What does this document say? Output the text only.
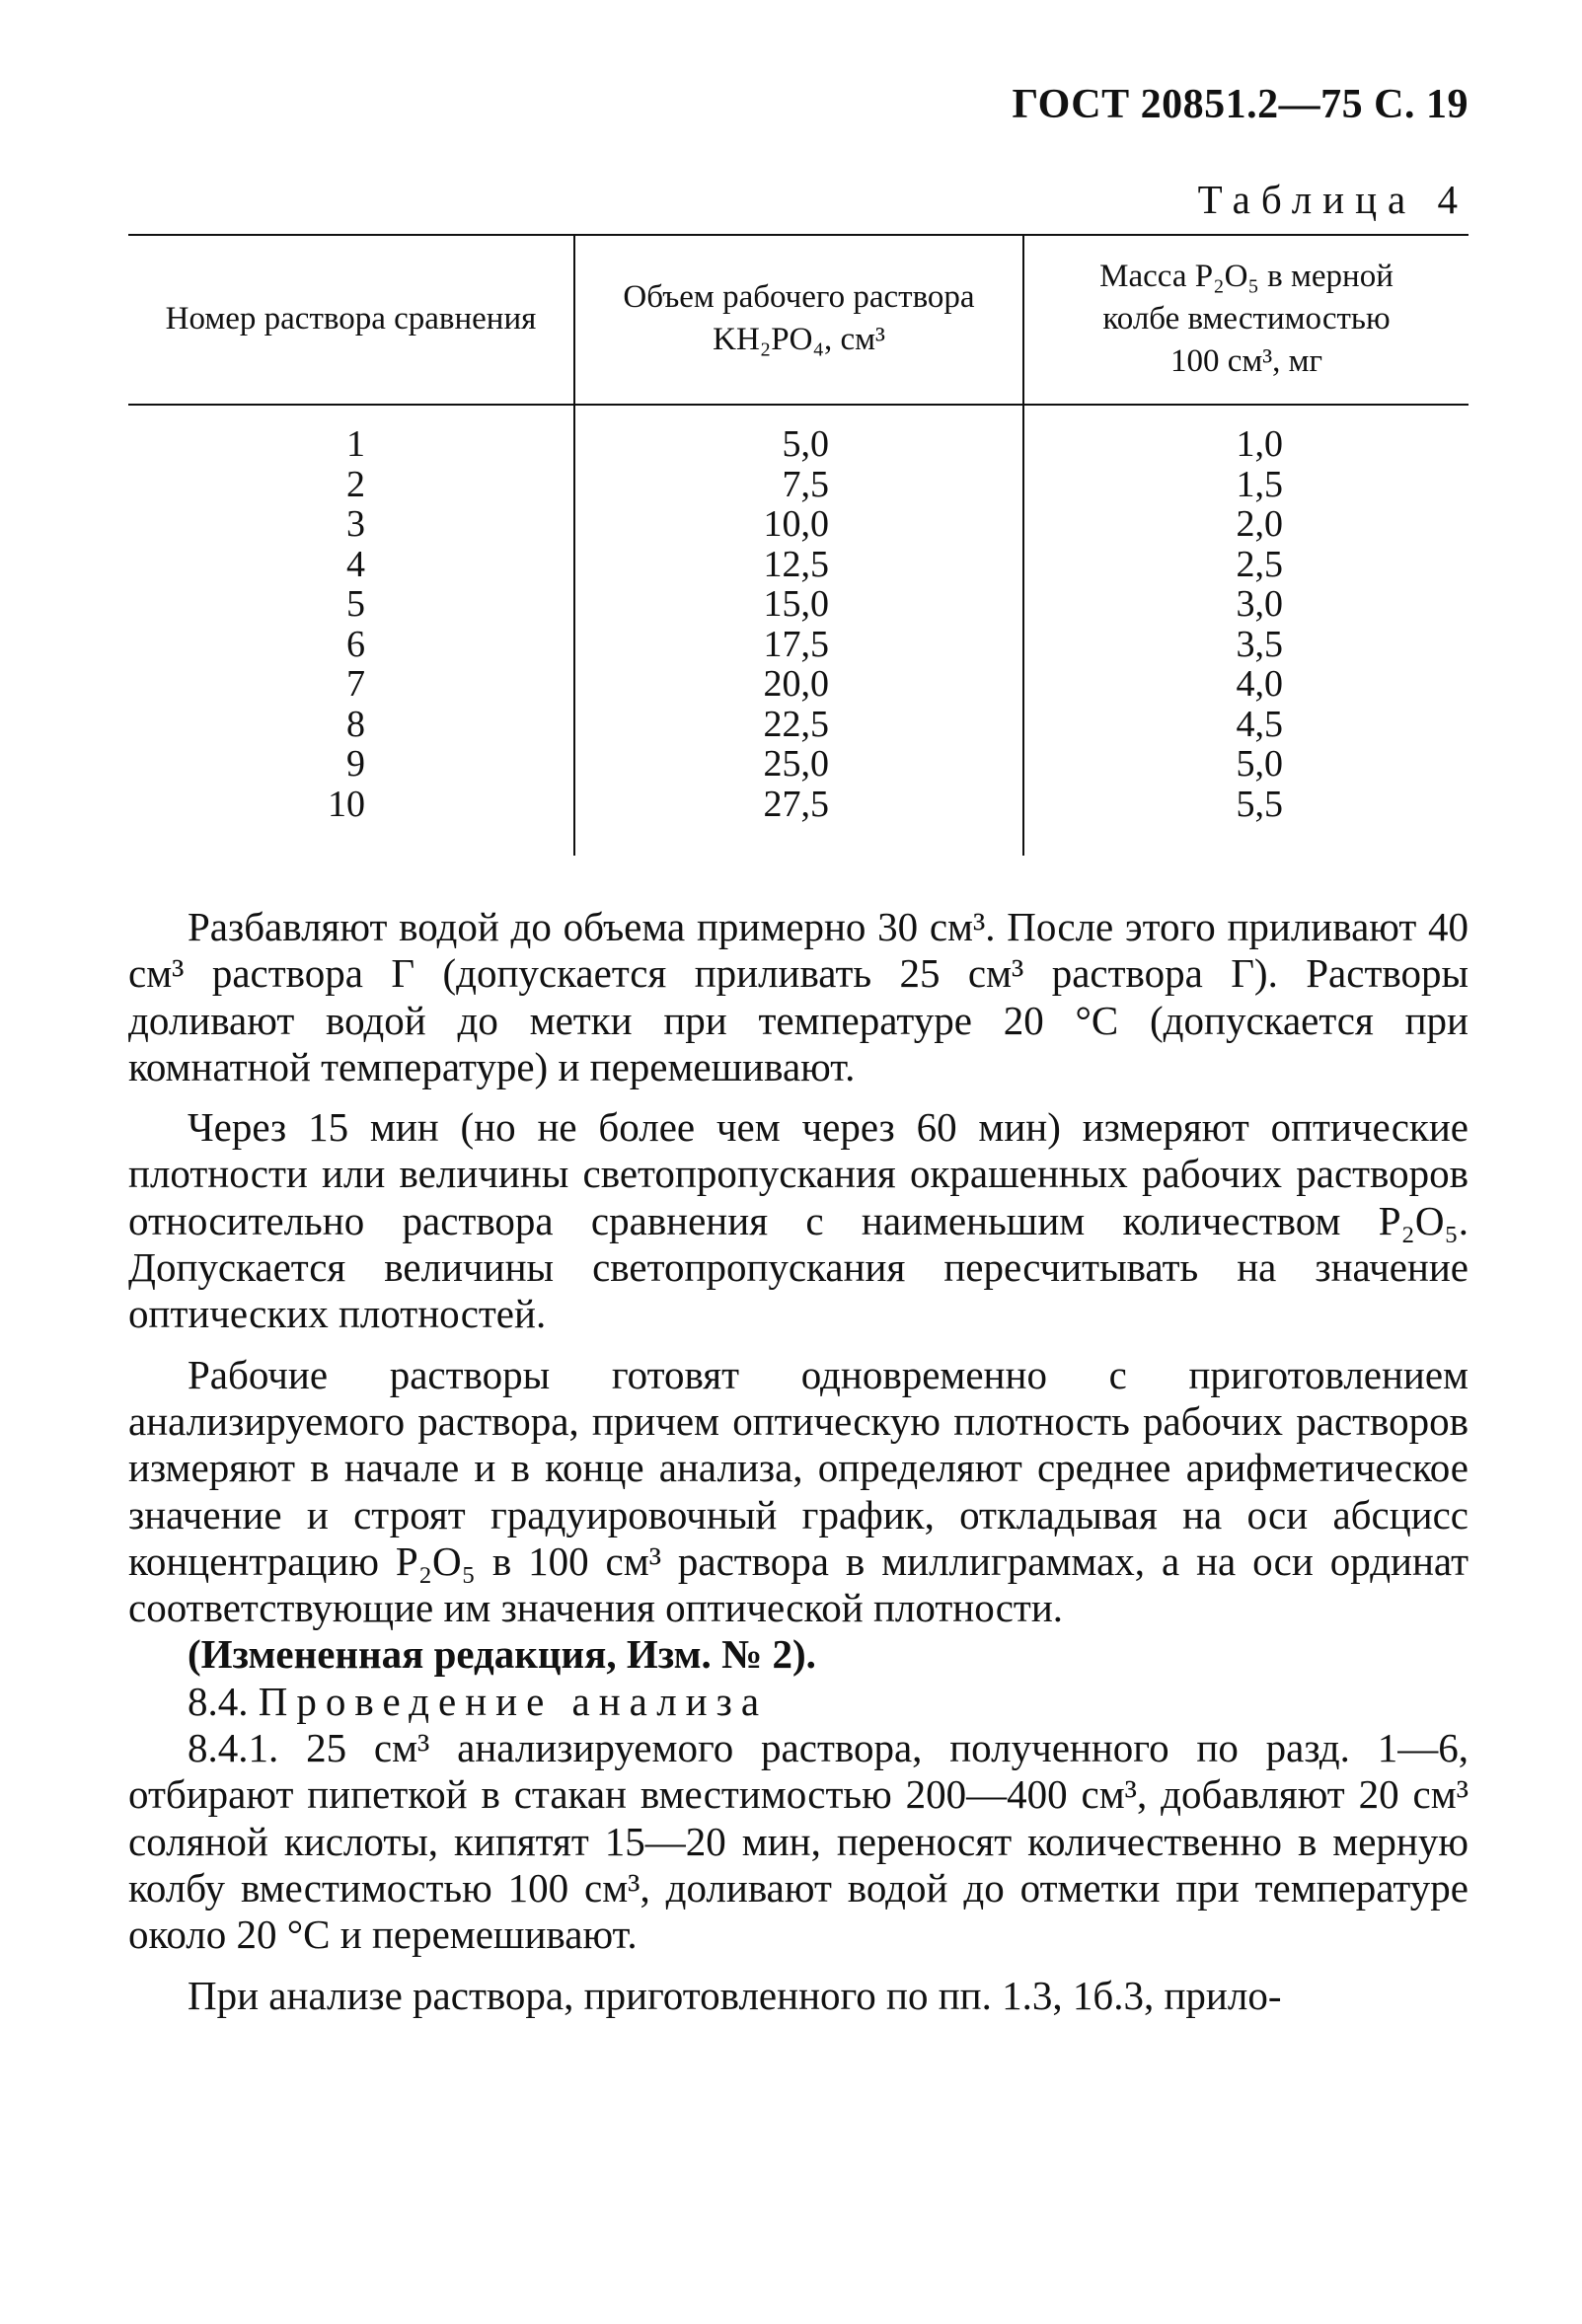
ГОСТ 20851.2—75 С. 19
Таблица 4
Номер раствора сравнения
Объем рабочего раствора
KH₂PO₄, см³
Масса P₂O₅ в мерной
колбе вместимостью
100 см³, мг
1
2
3
4
5
6
7
8
9
10
5,0
7,5
10,0
12,5
15,0
17,5
20,0
22,5
25,0
27,5
1,0
1,5
2,0
2,5
3,0
3,5
4,0
4,5
5,0
5,5

Разбавляют водой до объема примерно 30 см³. После этого приливают 40 см³ раствора Г (допускается приливать 25 см³ раствора Г). Растворы доливают водой до метки при температуре 20 °С (допускается при комнатной температуре) и перемешивают.

Через 15 мин (но не более чем через 60 мин) измеряют оптические плотности или величины светопропускания окрашенных рабочих растворов относительно раствора сравнения с наименьшим количеством P₂O₅. Допускается величины светопропускания пересчитывать на значение оптических плотностей.

Рабочие растворы готовят одновременно с приготовлением анализируемого раствора, причем оптическую плотность рабочих растворов измеряют в начале и в конце анализа, определяют среднее арифметическое значение и строят градуировочный график, откладывая на оси абсцисс концентрацию P₂O₅ в 100 см³ раствора в миллиграммах, а на оси ординат соответствующие им значения оптической плотности.

(Измененная редакция, Изм. № 2).

8.4. Проведение анализа

8.4.1. 25 см³ анализируемого раствора, полученного по разд. 1—6, отбирают пипеткой в стакан вместимостью 200—400 см³, добавляют 20 см³ соляной кислоты, кипятят 15—20 мин, переносят количественно в мерную колбу вместимостью 100 см³, доливают водой до отметки при температуре около 20 °С и перемешивают.

При анализе раствора, приготовленного по пп. 1.3, 1б.3, прило-
